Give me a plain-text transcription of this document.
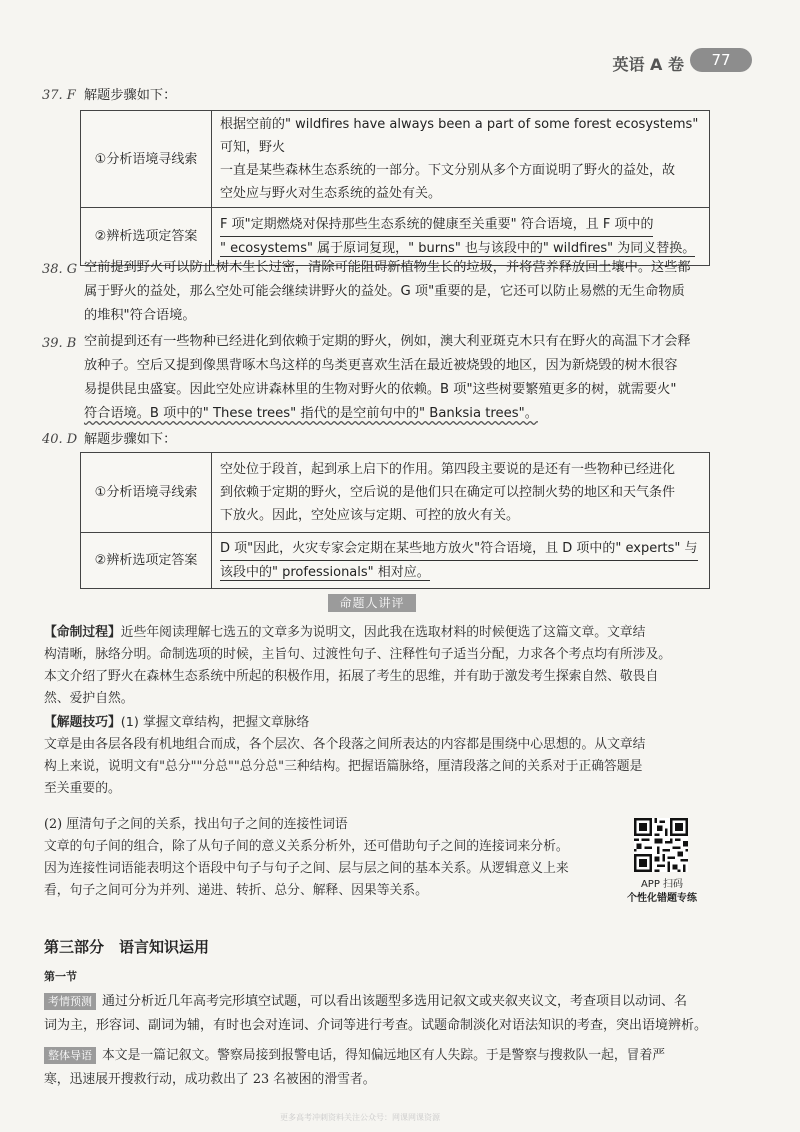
英语 A 卷	77
37. F 解题步骤如下：
①分析语境寻线索	根据空前的" wildfires have always been a part of some forest ecosystems" 可知，野火
一直是某些森林生态系统的一部分。下文分别从多个方面说明了野火的益处，故
空处应与野火对生态系统的益处有关。

②辨析选项定答案	F 项"定期燃烧对保持那些生态系统的健康至关重要" 符合语境，且 F 项中的
" ecosystems" 属于原词复现，" burns" 也与该段中的" wildfires" 为同义替换。
38. G 空前提到野火可以防止树木生长过密，清除可能阻碍新植物生长的垃圾，并将营养释放回土壤中。这些都
属于野火的益处，那么空处可能会继续讲野火的益处。G 项"重要的是，它还可以防止易燃的无生命物质
的堆积"符合语境。
39. B 空前提到还有一些物种已经进化到依赖于定期的野火，例如，澳大利亚斑克木只有在野火的高温下才会释
放种子。空后又提到像黑背啄木鸟这样的鸟类更喜欢生活在最近被烧毁的地区，因为新烧毁的树木很容
易提供昆虫盛宴。因此空处应讲森林里的生物对野火的依赖。B 项"这些树要繁殖更多的树，就需要火"
符合语境。B 项中的" These trees" 指代的是空前句中的" Banksia trees"。
40. D 解题步骤如下：
①分析语境寻线索	空处位于段首，起到承上启下的作用。第四段主要说的是还有一些物种已经进化
到依赖于定期的野火，空后说的是他们只在确定可以控制火势的地区和天气条件
下放火。因此，空处应该与定期、可控的放火有关。

②辨析选项定答案	D 项"因此，火灾专家会定期在某些地方放火"符合语境，且 D 项中的" experts" 与
该段中的" professionals" 相对应。
命题人讲评
【命制过程】近些年阅读理解七选五的文章多为说明文，因此我在选取材料的时候便选了这篇文章。文章结
构清晰，脉络分明。命制选项的时候，主旨句、过渡性句子、注释性句子适当分配，力求各个考点均有所涉及。
本文介绍了野火在森林生态系统中所起的积极作用，拓展了考生的思维，并有助于激发考生探索自然、敬畏自
然、爱护自然。
【解题技巧】(1) 掌握文章结构，把握文章脉络
文章是由各层各段有机地组合而成，各个层次、各个段落之间所表达的内容都是围绕中心思想的。从文章结
构上来说，说明文有"总分""分总""总分总"三种结构。把握语篇脉络，厘清段落之间的关系对于正确答题是
至关重要的。
(2) 厘清句子之间的关系，找出句子之间的连接性词语
文章的句子间的组合，除了从句子间的意义关系分析外，还可借助句子之间的连接词来分析。
因为连接性词语能表明这个语段中句子与句子之间、层与层之间的基本关系。从逻辑意义上来
看，句子之间可分为并列、递进、转折、总分、解释、因果等关系。	APP 扫码
个性化错题专练
第三部分　语言知识运用
第一节
考情预测 通过分析近几年高考完形填空试题，可以看出该题型多选用记叙文或夹叙夹议文，考查项目以动词、名
词为主，形容词、副词为辅，有时也会对连词、介词等进行考查。试题命制淡化对语法知识的考查，突出语境辨析。
整体导语 本文是一篇记叙文。警察局接到报警电话，得知偏远地区有人失踪。于是警察与搜救队一起，冒着严
寒，迅速展开搜救行动，成功救出了 23 名被困的滑雪者。
更多高考冲刺资料关注公众号：网课网课资源
